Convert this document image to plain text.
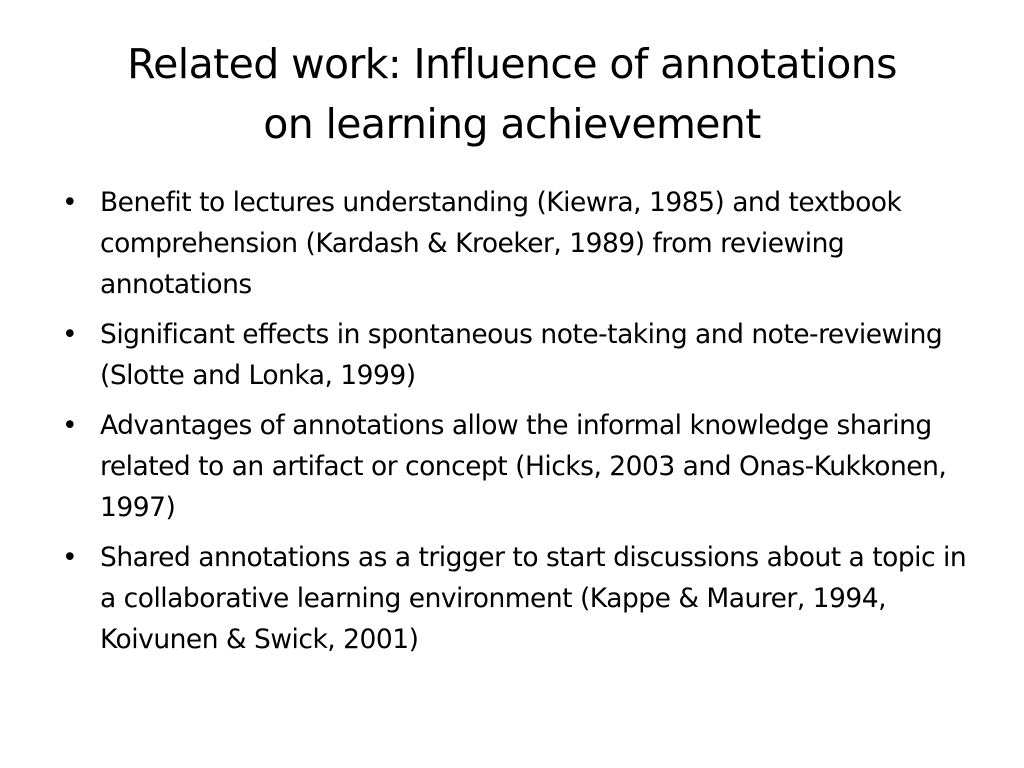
Related work: Influence of annotations
on learning achievement
• Benefit to lectures understanding (Kiewra, 1985) and textbook comprehension (Kardash & Kroeker, 1989) from reviewing annotations
• Significant effects in spontaneous note-taking and note-reviewing (Slotte and Lonka, 1999)
• Advantages of annotations allow the informal knowledge sharing related to an artifact or concept (Hicks, 2003 and Onas-Kukkonen, 1997)
• Shared annotations as a trigger to start discussions about a topic in a collaborative learning environment (Kappe & Maurer, 1994, Koivunen & Swick, 2001)
